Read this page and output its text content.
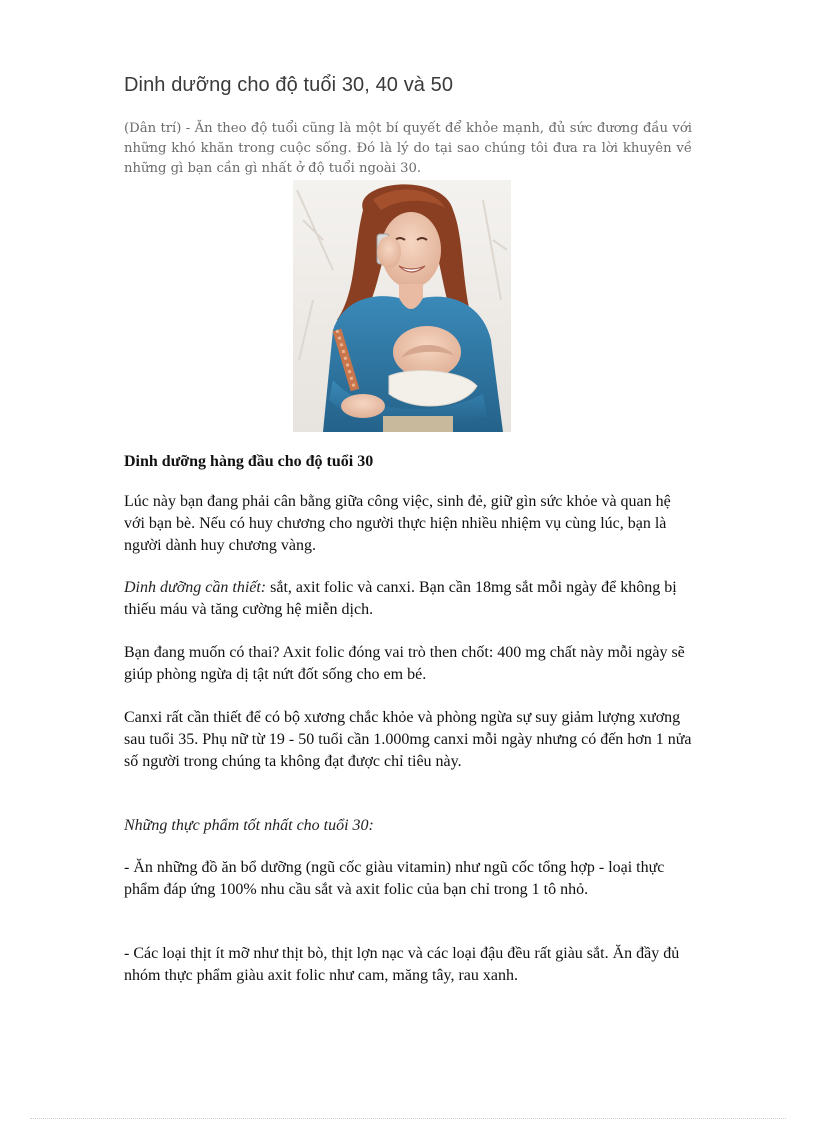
Dinh dưỡng cho độ tuổi 30, 40 và 50

(Dân trí) - Ăn theo độ tuổi cũng là một bí quyết để khỏe mạnh, đủ sức đương đầu với những khó khăn trong cuộc sống. Đó là lý do tại sao chúng tôi đưa ra lời khuyên về những gì bạn cần gì nhất ở độ tuổi ngoài 30.

Dinh dưỡng hàng đầu cho độ tuổi 30

Lúc này bạn đang phải cân bằng giữa công việc, sinh đẻ, giữ gìn sức khỏe và quan hệ với bạn bè. Nếu có huy chương cho người thực hiện nhiều nhiệm vụ cùng lúc, bạn là người dành huy chương vàng.

Dinh dưỡng cần thiết: sắt, axit folic và canxi. Bạn cần 18mg sắt mỗi ngày để không bị thiếu máu và tăng cường hệ miễn dịch.

Bạn đang muốn có thai? Axit folic đóng vai trò then chốt: 400 mg chất này mỗi ngày sẽ giúp phòng ngừa dị tật nứt đốt sống cho em bé.

Canxi rất cần thiết để có bộ xương chắc khỏe và phòng ngừa sự suy giảm lượng xương sau tuổi 35. Phụ nữ từ 19 - 50 tuổi cần 1.000mg canxi mỗi ngày nhưng có đến hơn 1 nửa số người trong chúng ta không đạt được chỉ tiêu này.

Những thực phẩm tốt nhất cho tuổi 30:

- Ăn những đồ ăn bổ dưỡng (ngũ cốc giàu vitamin) như ngũ cốc tổng hợp - loại thực phẩm đáp ứng 100% nhu cầu sắt và axit folic của bạn chỉ trong 1 tô nhỏ.

- Các loại thịt ít mỡ như thịt bò, thịt lợn nạc và các loại đậu đều rất giàu sắt. Ăn đầy đủ nhóm thực phẩm giàu axit folic như cam, măng tây, rau xanh.
